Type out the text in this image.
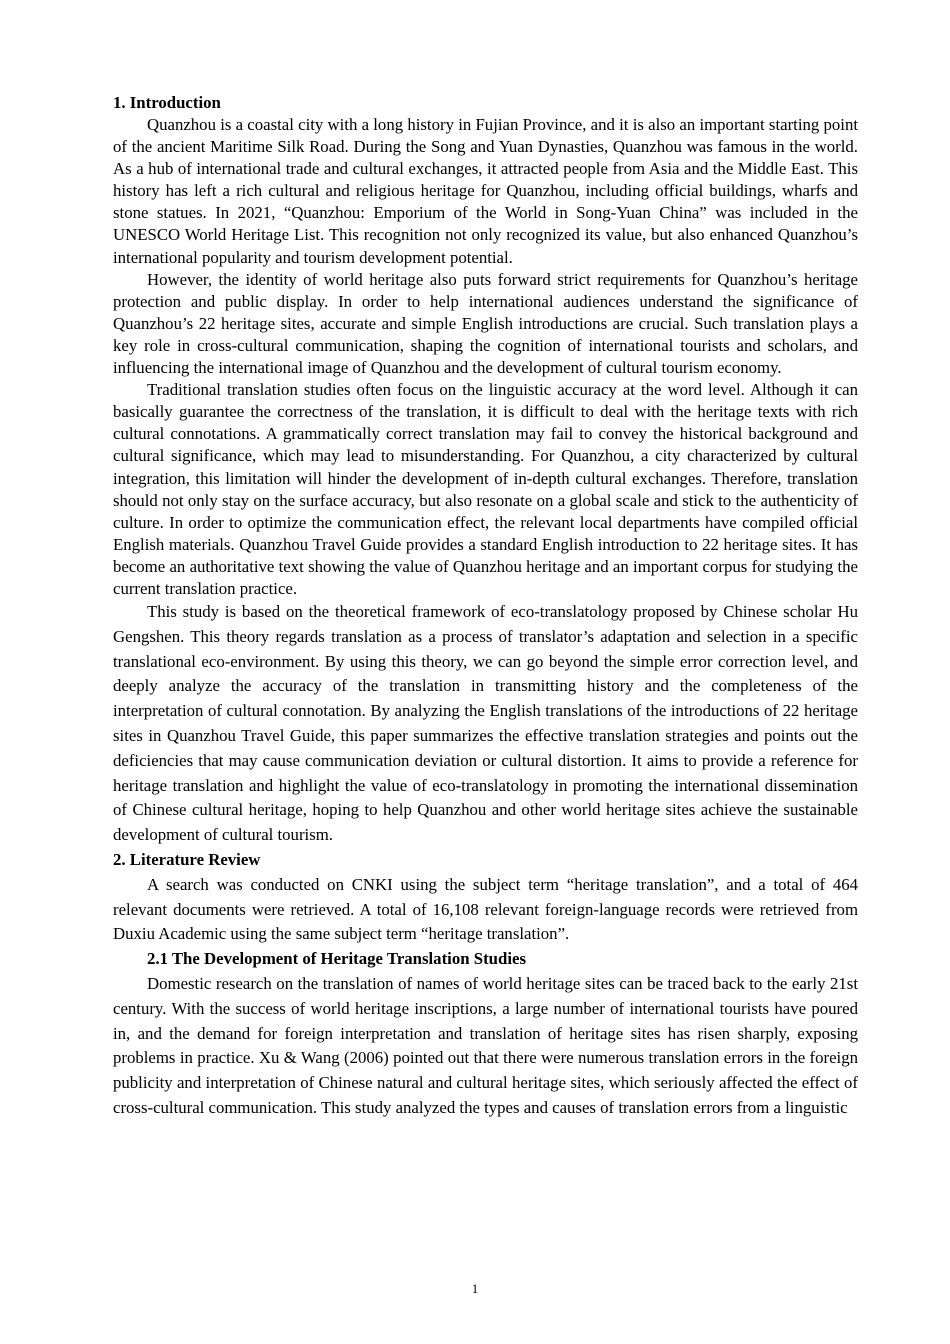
1. Introduction

Quanzhou is a coastal city with a long history in Fujian Province, and it is also an important starting point of the ancient Maritime Silk Road. During the Song and Yuan Dynasties, Quanzhou was famous in the world. As a hub of international trade and cultural exchanges, it attracted people from Asia and the Middle East. This history has left a rich cultural and religious heritage for Quanzhou, including official buildings, wharfs and stone statues. In 2021, “Quanzhou: Emporium of the World in Song-Yuan China” was included in the UNESCO World Heritage List. This recognition not only recognized its value, but also enhanced Quanzhou’s international popularity and tourism development potential.

However, the identity of world heritage also puts forward strict requirements for Quanzhou’s heritage protection and public display. In order to help international audiences understand the significance of Quanzhou’s 22 heritage sites, accurate and simple English introductions are crucial. Such translation plays a key role in cross-cultural communication, shaping the cognition of international tourists and scholars, and influencing the international image of Quanzhou and the development of cultural tourism economy.

Traditional translation studies often focus on the linguistic accuracy at the word level. Although it can basically guarantee the correctness of the translation, it is difficult to deal with the heritage texts with rich cultural connotations. A grammatically correct translation may fail to convey the historical background and cultural significance, which may lead to misunderstanding. For Quanzhou, a city characterized by cultural integration, this limitation will hinder the development of in-depth cultural exchanges. Therefore, translation should not only stay on the surface accuracy, but also resonate on a global scale and stick to the authenticity of culture. In order to optimize the communication effect, the relevant local departments have compiled official English materials. Quanzhou Travel Guide provides a standard English introduction to 22 heritage sites. It has become an authoritative text showing the value of Quanzhou heritage and an important corpus for studying the current translation practice.

This study is based on the theoretical framework of eco-translatology proposed by Chinese scholar Hu Gengshen. This theory regards translation as a process of translator’s adaptation and selection in a specific translational eco-environment. By using this theory, we can go beyond the simple error correction level, and deeply analyze the accuracy of the translation in transmitting history and the completeness of the interpretation of cultural connotation. By analyzing the English translations of the introductions of 22 heritage sites in Quanzhou Travel Guide, this paper summarizes the effective translation strategies and points out the deficiencies that may cause communication deviation or cultural distortion. It aims to provide a reference for heritage translation and highlight the value of eco-translatology in promoting the international dissemination of Chinese cultural heritage, hoping to help Quanzhou and other world heritage sites achieve the sustainable development of cultural tourism.

2. Literature Review

A search was conducted on CNKI using the subject term “heritage translation”, and a total of 464 relevant documents were retrieved. A total of 16,108 relevant foreign-language records were retrieved from Duxiu Academic using the same subject term “heritage translation”.

2.1 The Development of Heritage Translation Studies

Domestic research on the translation of names of world heritage sites can be traced back to the early 21st century. With the success of world heritage inscriptions, a large number of international tourists have poured in, and the demand for foreign interpretation and translation of heritage sites has risen sharply, exposing problems in practice. Xu & Wang (2006) pointed out that there were numerous translation errors in the foreign publicity and interpretation of Chinese natural and cultural heritage sites, which seriously affected the effect of cross-cultural communication. This study analyzed the types and causes of translation errors from a linguistic

1
